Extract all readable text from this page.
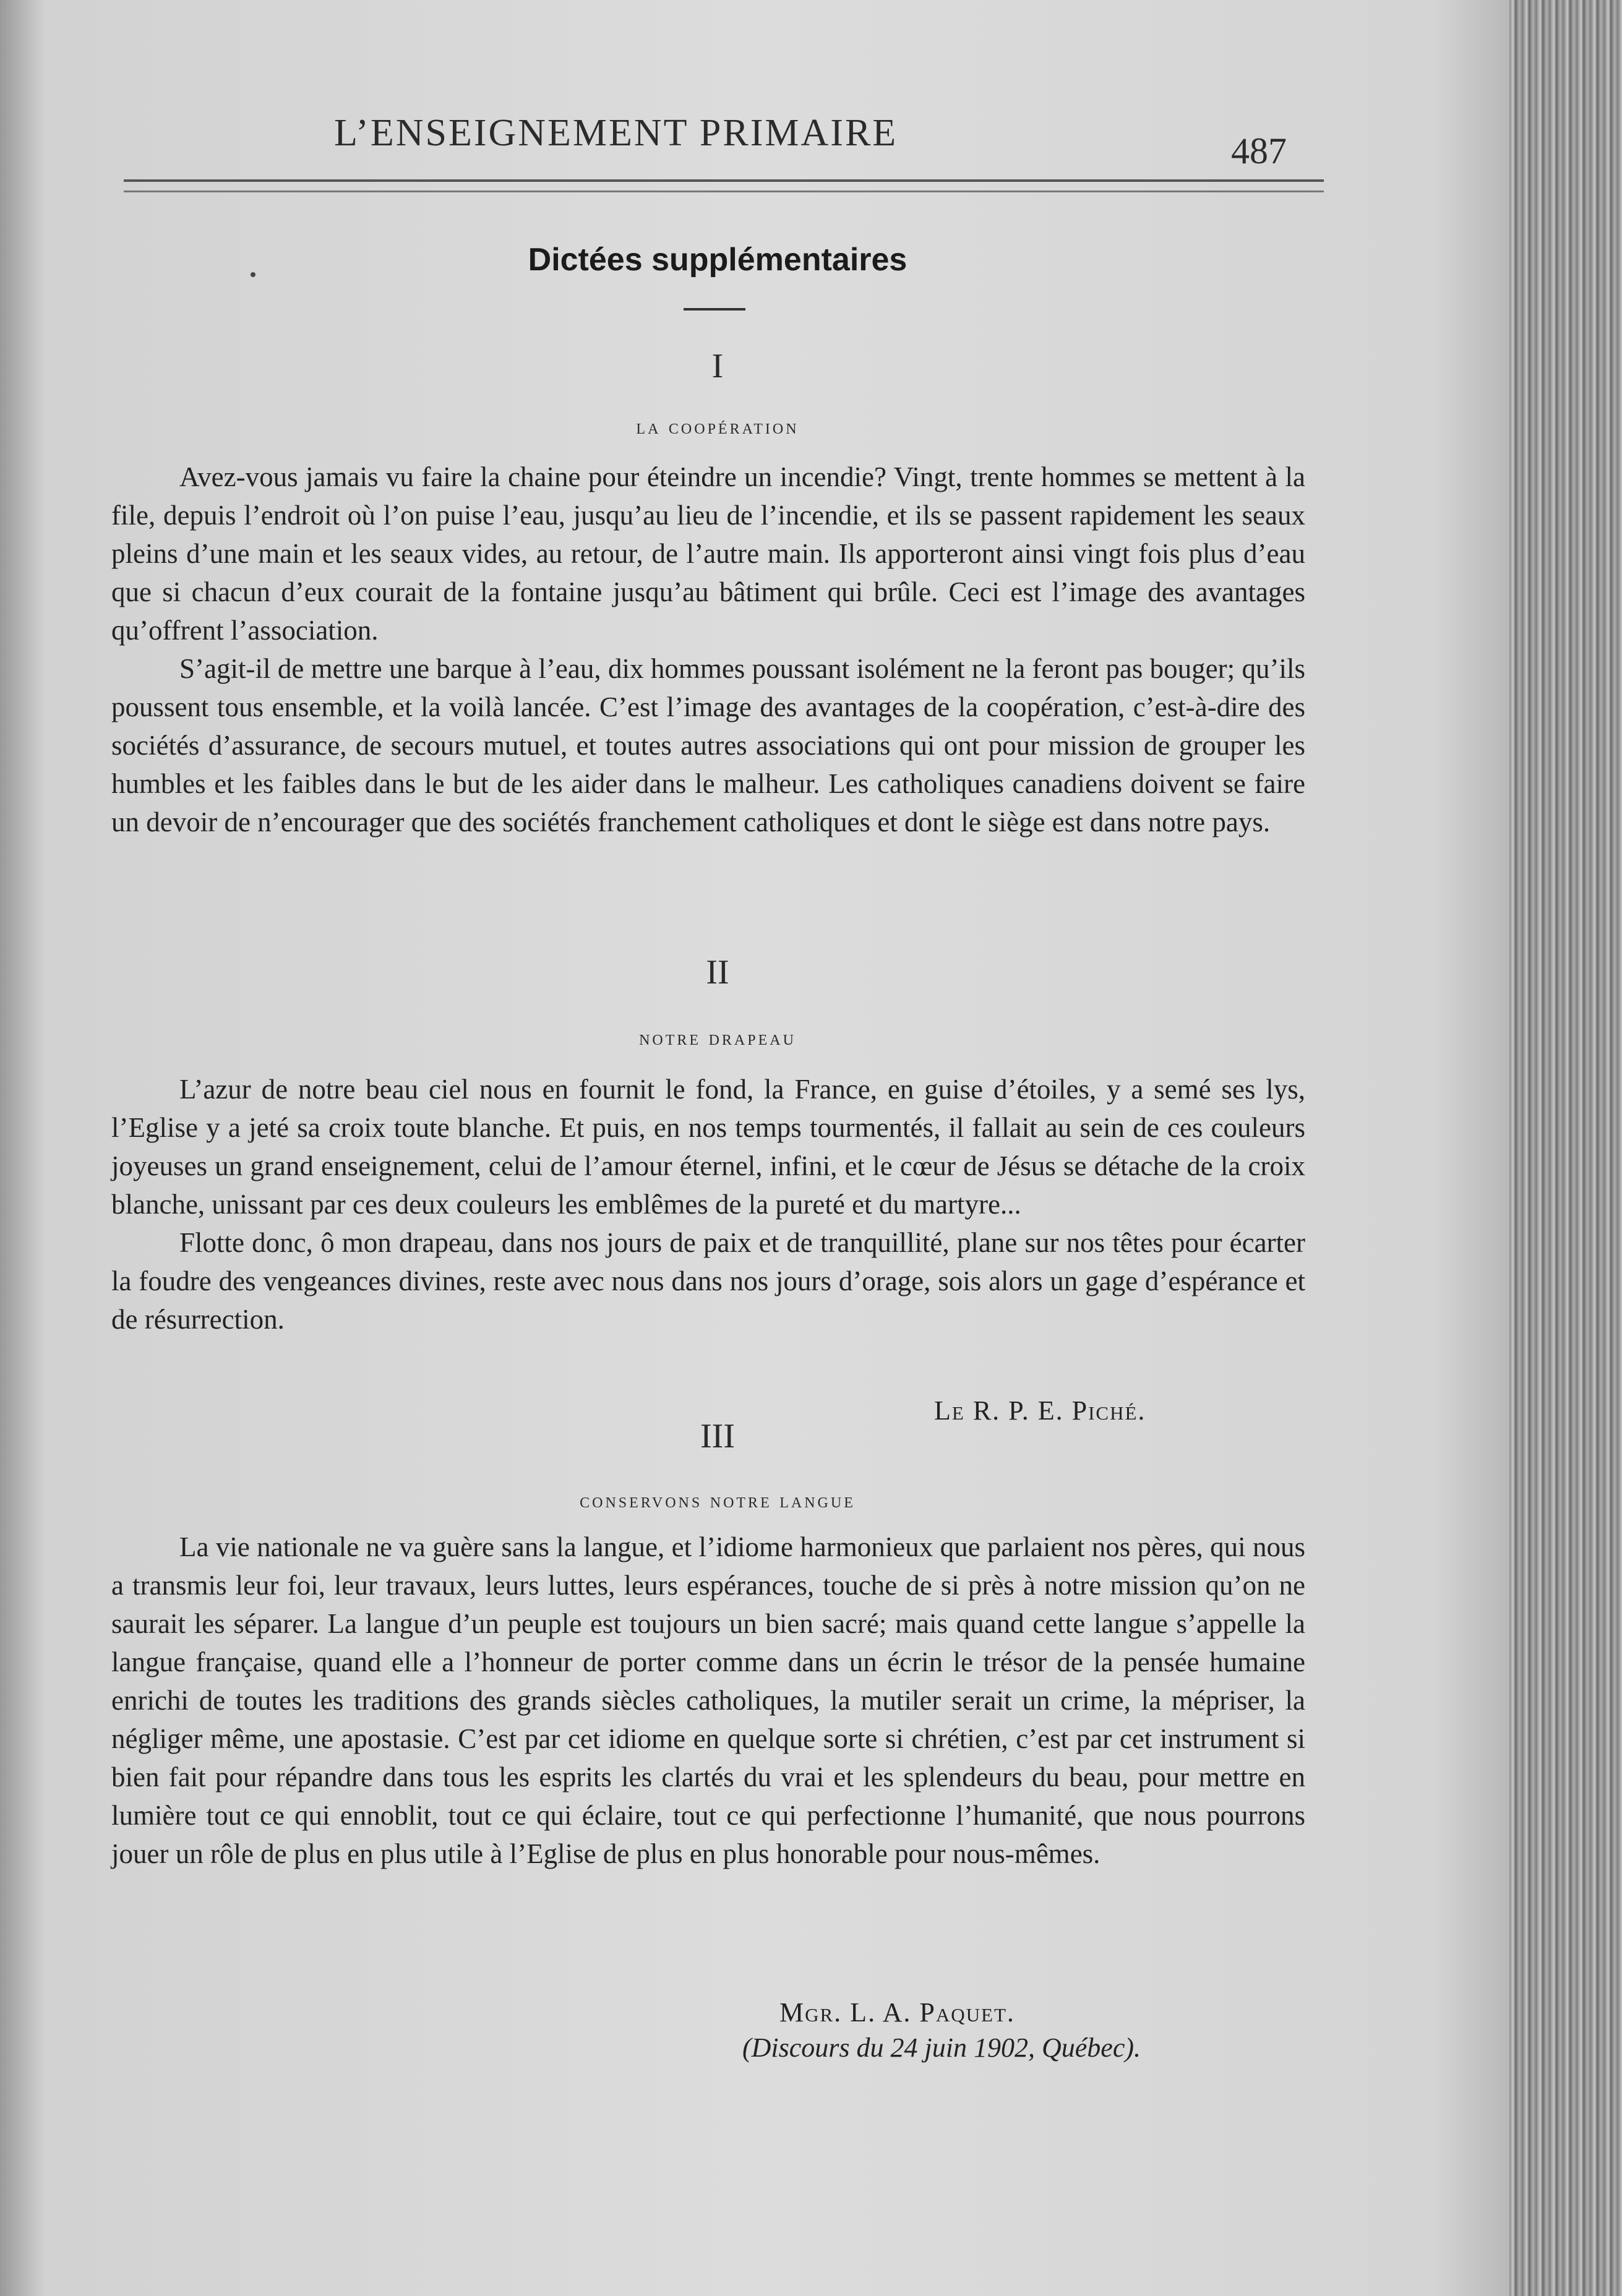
L’ENSEIGNEMENT PRIMAIRE	487
Dictées supplémentaires
I
la coopération

Avez-vous jamais vu faire la chaine pour éteindre un incendie? Vingt, trente hommes se mettent à la file, depuis l’endroit où l’on puise l’eau, jusqu’au lieu de l’incendie, et ils se passent rapidement les seaux pleins d’une main et les seaux vides, au retour, de l’autre main. Ils apporteront ainsi vingt fois plus d’eau que si chacun d’eux courait de la fontaine jusqu’au bâtiment qui brûle. Ceci est l’image des avantages qu’offrent l’association.

S’agit-il de mettre une barque à l’eau, dix hommes poussant isolément ne la feront pas bouger; qu’ils poussent tous ensemble, et la voilà lancée. C’est l’image des avantages de la coopération, c’est-à-dire des sociétés d’assurance, de secours mutuel, et toutes autres associations qui ont pour mission de grouper les humbles et les faibles dans le but de les aider dans le malheur. Les catholiques canadiens doivent se faire un devoir de n’encourager que des sociétés franchement catholiques et dont le siège est dans notre pays.

II
notre drapeau

L’azur de notre beau ciel nous en fournit le fond, la France, en guise d’étoiles, y a semé ses lys, l’Eglise y a jeté sa croix toute blanche. Et puis, en nos temps tourmentés, il fallait au sein de ces couleurs joyeuses un grand enseignement, celui de l’amour éternel, infini, et le cœur de Jésus se détache de la croix blanche, unissant par ces deux couleurs les emblêmes de la pureté et du martyre...

Flotte donc, ô mon drapeau, dans nos jours de paix et de tranquillité, plane sur nos têtes pour écarter la foudre des vengeances divines, reste avec nous dans nos jours d’orage, sois alors un gage d’espérance et de résurrection.

Le R. P. E. Piché.
III
conservons notre langue

La vie nationale ne va guère sans la langue, et l’idiome harmonieux que parlaient nos pères, qui nous a transmis leur foi, leur travaux, leurs luttes, leurs espérances, touche de si près à notre mission qu’on ne saurait les séparer. La langue d’un peuple est toujours un bien sacré; mais quand cette langue s’appelle la langue française, quand elle a l’honneur de porter comme dans un écrin le trésor de la pensée humaine enrichi de toutes les traditions des grands siècles catholiques, la mutiler serait un crime, la mépriser, la négliger même, une apostasie. C’est par cet idiome en quelque sorte si chrétien, c’est par cet instrument si bien fait pour répandre dans tous les esprits les clartés du vrai et les splendeurs du beau, pour mettre en lumière tout ce qui ennoblit, tout ce qui éclaire, tout ce qui perfectionne l’humanité, que nous pourrons jouer un rôle de plus en plus utile à l’Eglise de plus en plus honorable pour nous-mêmes.

Mgr. L. A. Paquet.
(Discours du 24 juin 1902, Québec).
